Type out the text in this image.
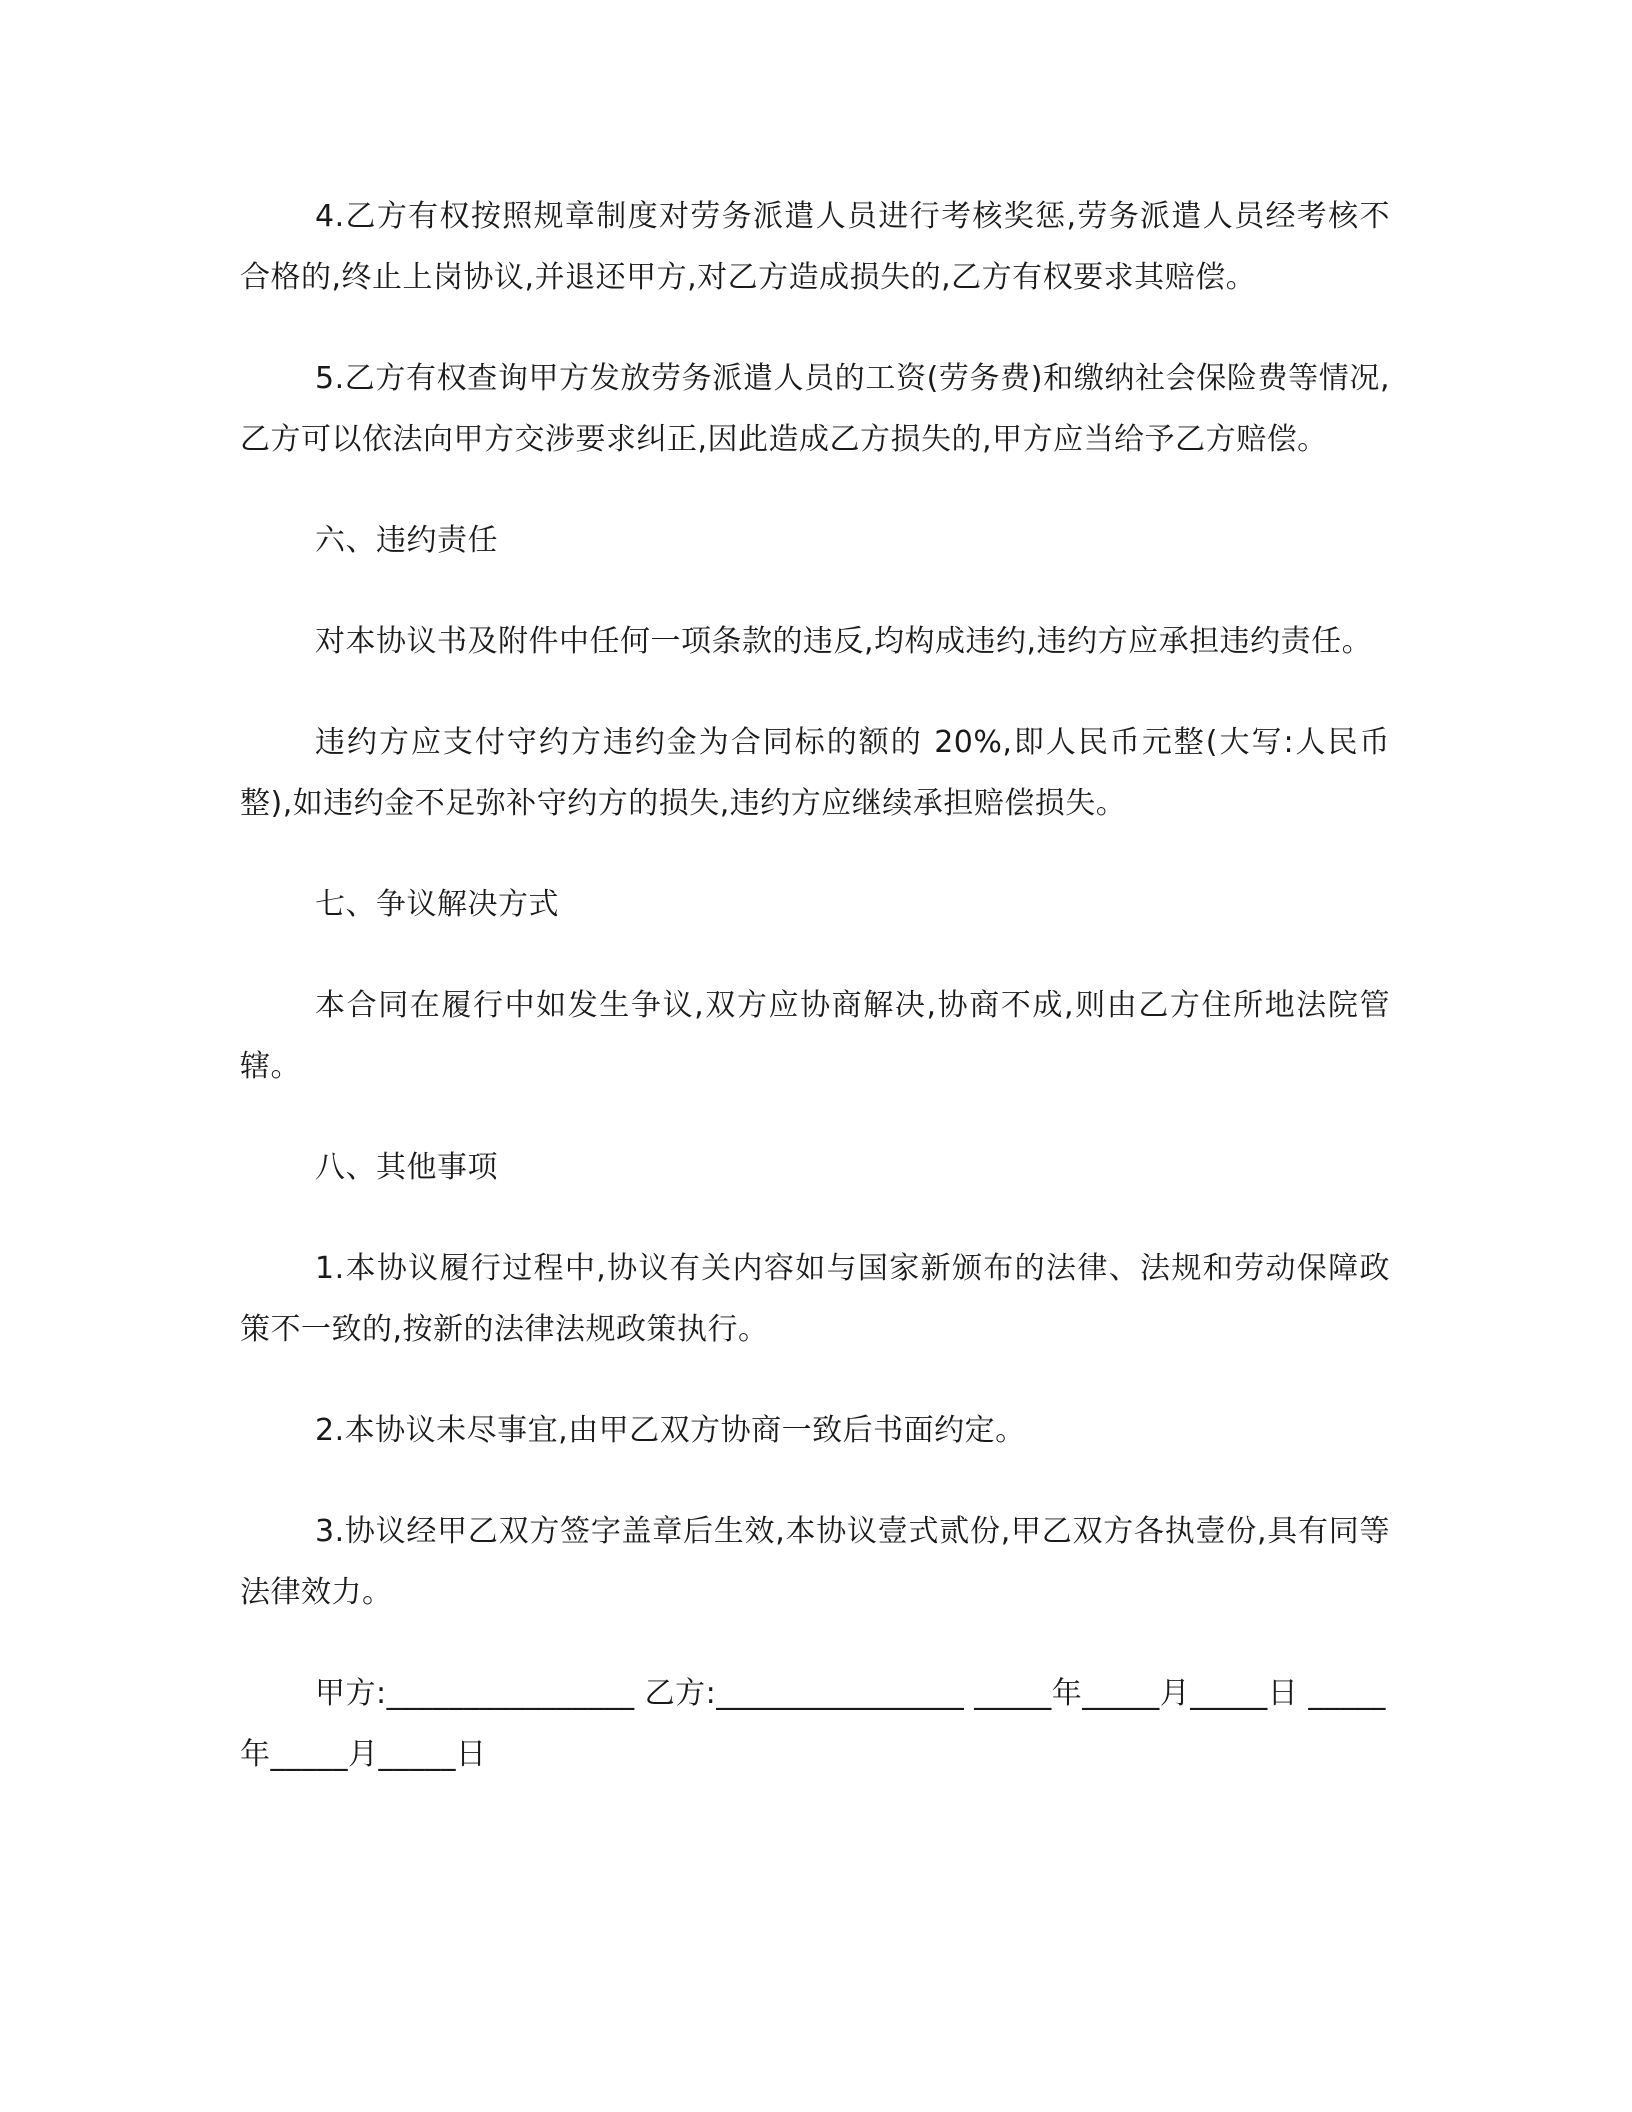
4.乙方有权按照规章制度对劳务派遣人员进行考核奖惩,劳务派遣人员经考核不合格的,终止上岗协议,并退还甲方,对乙方造成损失的,乙方有权要求其赔偿。

5.乙方有权查询甲方发放劳务派遣人员的工资(劳务费)和缴纳社会保险费等情况,乙方可以依法向甲方交涉要求纠正,因此造成乙方损失的,甲方应当给予乙方赔偿。

六、违约责任

对本协议书及附件中任何一项条款的违反,均构成违约,违约方应承担违约责任。

违约方应支付守约方违约金为合同标的额的 20%,即人民币元整(大写:人民币整),如违约金不足弥补守约方的损失,违约方应继续承担赔偿损失。

七、争议解决方式

本合同在履行中如发生争议,双方应协商解决,协商不成,则由乙方住所地法院管辖。

八、其他事项

1.本协议履行过程中,协议有关内容如与国家新颁布的法律、法规和劳动保障政策不一致的,按新的法律法规政策执行。

2.本协议未尽事宜,由甲乙双方协商一致后书面约定。

3.协议经甲乙双方签字盖章后生效,本协议壹式贰份,甲乙双方各执壹份,具有同等法律效力。

甲方:________________ 乙方:________________ _____年_____月_____日 _____年_____月_____日
